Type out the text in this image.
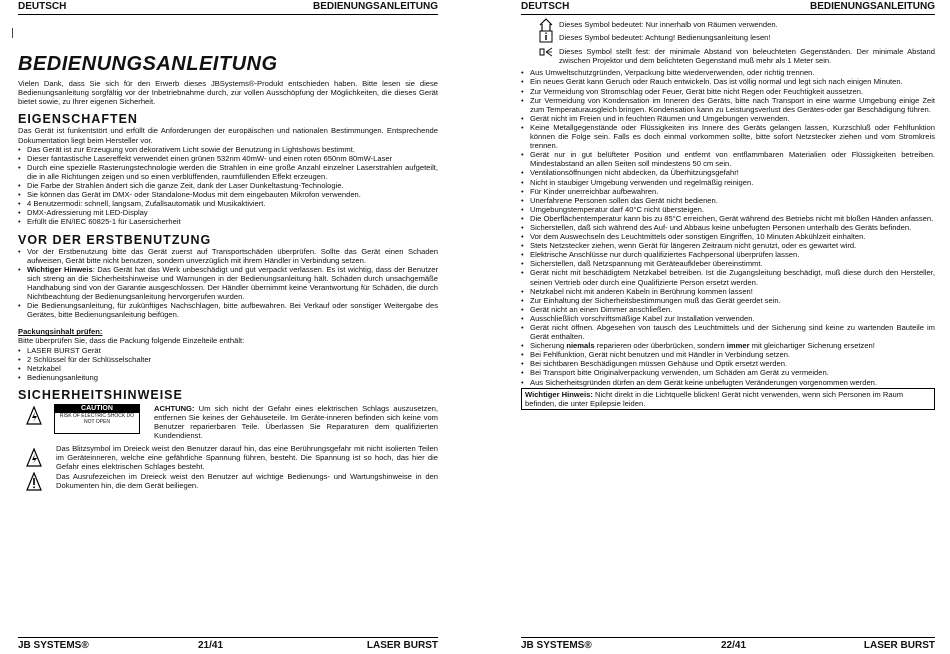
DEUTSCH	BEDIENUNGSANLEITUNG
BEDIENUNGSANLEITUNG

Vielen Dank, dass Sie sich für den Erwerb dieses JBSystems®-Produkt entschieden haben. Bitte lesen sie diese Bedienungsanleitung sorgfältig vor der Inbetriebnahme durch, zur vollen Ausschöpfung der Möglichkeiten, die dieses Gerät bietet sowie, zu Ihrer eigenen Sicherheit.

EIGENSCHAFTEN

Das Gerät ist funkentstört und erfüllt die Anforderungen der europäischen und nationalen Bestimmungen. Entsprechende Dokumentation liegt beim Hersteller vor.

• Das Gerät ist zur Erzeugung von dekorativem Licht sowie der Benutzung in Lightshows bestimmt.
• Dieser fantastische Lasereffekt verwendet einen grünen 532nm 40mW- und einen roten 650nm 80mW-Laser
• Durch eine spezielle Rasterungstechnologie werden die Strahlen in eine große Anzahl einzelner Laserstrahlen aufgeteilt, die in alle Richtungen zeigen und so einen verblüffenden, raumfüllenden Effekt erzeugen.
• Die Farbe der Strahlen ändert sich die ganze Zeit, dank der Laser Dunkeltastung-Technologie.
• Sie können das Gerät im DMX- oder Standalone-Modus mit dem eingebauten Mikrofon verwenden.
• 4 Benutzermodi: schnell, langsam, Zufallsautomatik und Musikaktiviert.
• DMX-Adressierung mit LED-Display
• Erfüllt die EN/IEC 60825-1 für Lasersicherheit
VOR DER ERSTBENUTZUNG
• Vor der Erstbenutzung bitte das Gerät zuerst auf Transportschäden überprüfen. Sollte das Gerät einen Schaden aufweisen, Gerät bitte nicht benutzen, sondern unverzüglich mit ihrem Händler in Verbindung setzen.
• Wichtiger Hinweis: Das Gerät hat das Werk unbeschädigt und gut verpackt verlassen. Es ist wichtig, dass der Benutzer sich streng an die Sicherheitshinweise und Warnungen in der Bedienungsanleitung hält. Schäden durch unsachgemäße Handhabung sind von der Garantie ausgeschlossen. Der Händler übernimmt keine Verantwortung für Schäden, die durch Nichtbeachtung der Bedienungsanleitung hervorgerufen wurden.
• Die Bedienungsanleitung, für zukünftiges Nachschlagen, bitte aufbewahren. Bei Verkauf oder sonstiger Weitergabe des Gerätes, bitte Bedienungsanleitung beifügen.
Packungsinhalt prüfen:

Bitte überprüfen Sie, dass die Packung folgende Einzelteile enthält:

• LASER BURST Gerät
• 2 Schlüssel für der Schlüsselschalter
• Netzkabel
• Bedienungsanleitung
SICHERHEITSHINWEISE
CAUTION
RISK OF ELECTRIC SHOCK DO NOT OPEN

ACHTUNG: Um sich nicht der Gefahr eines elektrischen Schlags auszusetzen, entfernen Sie keines der Gehäuseteile. Im Geräte-inneren befinden sich keine vom Benutzer reparierbaren Teile. Überlassen Sie Reparaturen dem qualifizierten Kundendienst.

Das Blitzsymbol im Dreieck weist den Benutzer darauf hin, das eine Berührungsgefahr mit nicht isolierten Teilen im Geräteinneren, welche eine gefährliche Spannung führen, besteht. Die Spannung ist so hoch, das hier die Gefahr eines elektrischen Schlages besteht.

Das Ausrufezeichen im Dreieck weist den Benutzer auf wichtige Bedienungs- und Wartungshinweise in den Dokumenten hin, die dem Gerät beiliegen.

JB SYSTEMS®	21/41	LASER BURST
DEUTSCH	BEDIENUNGSANLEITUNG
Dieses Symbol bedeutet: Nur innerhalb von Räumen verwenden.
Dieses Symbol bedeutet: Achtung! Bedienungsanleitung lesen!

Dieses Symbol stellt fest: der minimale Abstand von beleuchteten Gegenständen. Der minimale Abstand zwischen Projektor und dem belichteten Gegenstand muß mehr als 1 Meter sein.

• Aus Umweltschutzgründen, Verpackung bitte wiederverwenden, oder richtig trennen.
• Ein neues Gerät kann Geruch oder Rauch entwickeln. Das ist völlig normal und legt sich nach einigen Minuten.
• Zur Vermeidung von Stromschlag oder Feuer, Gerät bitte nicht Regen oder Feuchtigkeit aussetzen.
• Zur Vermeidung von Kondensation im Inneren des Geräts, bitte nach Transport in eine warme Umgebung einige Zeit zum Temperaturausgleich bringen. Kondensation kann zu Leistungsverlust des Gerätes-oder gar Beschädigung führen.
• Gerät nicht im Freien und in feuchten Räumen und Umgebungen verwenden.
• Keine Metallgegenstände oder Flüssigkeiten ins Innere des Geräts gelangen lassen, Kurzschluß oder Fehlfunktion können die Folge sein. Falls es doch einmal vorkommen sollte, bitte sofort Netzstecker ziehen und vom Stromkreis trennen.
• Gerät nur in gut belüfteter Position und entfernt von entflammbaren Materialien oder Flüssigkeiten betreiben. Mindestabstand an allen Seiten soll mindestens 50 cm sein.
• Ventilationsöffnungen nicht abdecken, da Überhitzungsgefahr!
• Nicht in staubiger Umgebung verwenden und regelmäßig reinigen.
• Für Kinder unerreichbar aufbewahren.
• Unerfahrene Personen sollen das Gerät nicht bedienen.
• Umgebungstemperatur darf 40°C nicht übersteigen.
• Die Oberflächentemperatur kann bis zu 85°C erreichen, Gerät während des Betriebs nicht mit bloßen Händen anfassen.
• Sicherstellen, daß sich während des Auf- und Abbaus keine unbefugten Personen unterhalb des Geräts befinden.
• Vor dem Auswechseln des Leuchtmittels oder sonstigen Eingriffen, 10 Minuten Abkühlzeit einhalten.
• Stets Netzstecker ziehen, wenn Gerät für längeren Zeitraum nicht genutzt, oder es gewartet wird.
• Elektrische Anschlüsse nur durch qualifiziertes Fachpersonal überprüfen lassen.
• Sicherstellen, daß Netzspannung mit Geräteaufkleber übereinstimmt.
• Gerät nicht mit beschädigtem Netzkabel betreiben. Ist die Zugangsleitung beschädigt, muß diese durch den Hersteller, seinen Vertrieb oder durch eine Qualifizierte Person ersetzt werden.
• Netzkabel nicht mit anderen Kabeln in Berührung kommen lassen!
• Zur Einhaltung der Sicherheitsbestimmungen muß das Gerät geerdet sein.
• Gerät nicht an einen Dimmer anschließen.
• Ausschließlich vorschriftsmäßige Kabel zur Installation verwenden.
• Gerät nicht öffnen. Abgesehen von tausch des Leuchtmittels und der Sicherung sind keine zu wartenden Bauteile im Gerät enthalten.
• Sicherung niemals reparieren oder überbrücken, sondern immer mit gleichartiger Sicherung ersetzen!
• Bei Fehlfunktion, Gerät nicht benutzen und mit Händler in Verbindung setzen.
• Bei sichtbaren Beschädigungen müssen Gehäuse und Optik ersetzt werden.
• Bei Transport bitte Originalverpackung verwenden, um Schäden am Gerät zu vermeiden.
• Aus Sicherheitsgründen dürfen an dem Gerät keine unbefugten Veränderungen vorgenommen werden.
Wichtiger Hinweis: Nicht direkt in die Lichtquelle blicken! Gerät nicht verwenden, wenn sich Personen im Raum befinden, die unter Epilepsie leiden.
JB SYSTEMS®	22/41	LASER BURST
